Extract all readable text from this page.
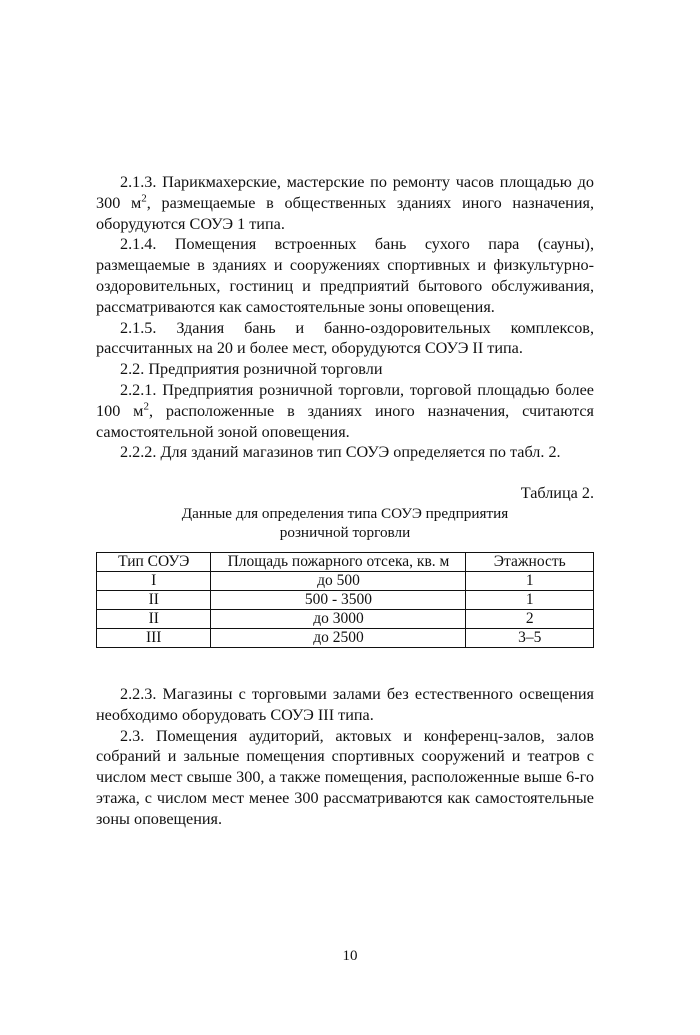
2.1.3. Парикмахерские, мастерские по ремонту часов площадью до 300 $м^2$, размещаемые в общественных зданиях иного назначения, оборудуются СОУЭ 1 типа.

2.1.4. Помещения встроенных бань сухого пара (сауны), размещаемые в зданиях и сооружениях спортивных и физкультурно-оздоровительных, гостиниц и предприятий бытового обслуживания, рассматриваются как самостоятельные зоны оповещения.

2.1.5. Здания бань и банно-оздоровительных комплексов, рассчитанных на 20 и более мест, оборудуются СОУЭ II типа.

2.2. Предприятия розничной торговли

2.2.1. Предприятия розничной торговли, торговой площадью более 100 $м^2$, расположенные в зданиях иного назначения, считаются самостоятельной зоной оповещения.

2.2.2. Для зданий магазинов тип СОУЭ определяется по табл. 2.

Таблица 2.
Данные для определения типа СОУЭ предприятия
розничной торговли
Тип СОУЭ	Площадь пожарного отсека, кв. м	Этажность
I	до 500	1
II	500 - 3500	1
II	до 3000	2
III	до 2500	3–5

2.2.3. Магазины с торговыми залами без естественного освещения необходимо оборудовать СОУЭ III типа.

2.3. Помещения аудиторий, актовых и конференц-залов, залов собраний и зальные помещения спортивных сооружений и театров с числом мест свыше 300, а также помещения, расположенные выше 6-го этажа, с числом мест менее 300 рассматриваются как самостоятельные зоны оповещения.

10
